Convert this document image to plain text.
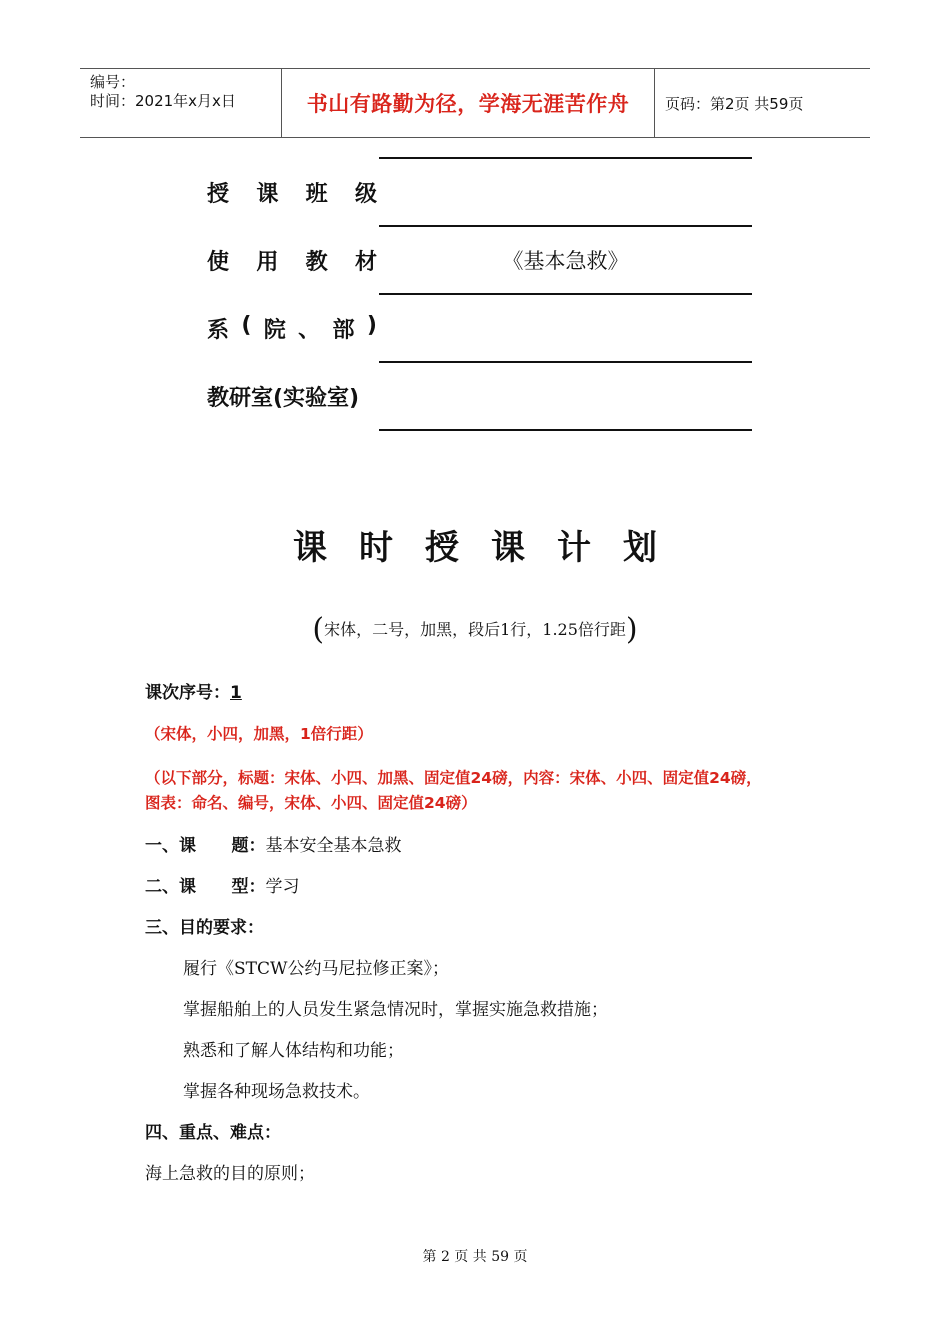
编号：
时间：2021年x月x日	书山有路勤为径，学海无涯苦作舟	页码：第2页 共59页
授 课 班 级
使 用 教 材	《基本急救》
系 ( 院 、 部 )
教研室(实验室)
课 时 授 课 计 划
(宋体，二号，加黑，段后1行，1.25倍行距)
课次序号：1
（宋体，小四，加黑，1倍行距）
（以下部分，标题：宋体、小四、加黑、固定值24磅，内容：宋体、小四、固定值24磅，
图表：命名、编号，宋体、小四、固定值24磅）
一、课      题：基本安全基本急救
二、课      型：学习
三、目的要求：
履行《STCW公约马尼拉修正案》；
掌握船舶上的人员发生紧急情况时，掌握实施急救措施；
熟悉和了解人体结构和功能；
掌握各种现场急救技术。
四、重点、难点：
海上急救的目的原则；
第 2 页 共 59 页
